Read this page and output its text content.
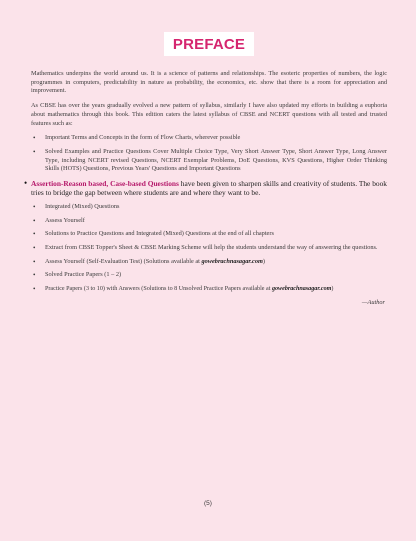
PREFACE

Mathematics underpins the world around us. It is a science of patterns and relationships. The esoteric properties of numbers, the logic programmes in computers, predictability in nature as probability, the economics, etc. show that there is a room for appreciation and improvement.

As CBSE has over the years gradually evolved a new pattern of syllabus, similarly I have also updated my efforts in building a euphoria about mathematics through this book. This edition caters the latest syllabus of CBSE and NCERT questions with all tested and trusted features such as:

• Important Terms and Concepts in the form of Flow Charts, wherever possible
• Solved Examples and Practice Questions Cover Multiple Choice Type, Very Short Answer Type, Short Answer Type, Long Answer Type, including NCERT revised Questions, NCERT Exemplar Problems, DoE Questions, KVS Questions, Higher Order Thinking Skills (HOTS) Questions, Previous Years' Questions and Important Questions
• Assertion-Reason based, Case-based Questions have been given to sharpen skills and creativity of students. The book tries to bridge the gap between where students are and where they want to be.
• Integrated (Mixed) Questions
• Assess Yourself
• Solutions to Practice Questions and Integrated (Mixed) Questions at the end of all chapters
• Extract from CBSE Topper's Sheet & CBSE Marking Scheme will help the students understand the way of answering the questions.
• Assess Yourself (Self-Evaluation Test) (Solutions available at gowebrachnasagar.com)
• Solved Practice Papers (1 – 2)
• Practice Papers (3 to 10) with Answers (Solutions to 8 Unsolved Practice Papers available at gowebrachnasagar.com)
—Author
(5)
